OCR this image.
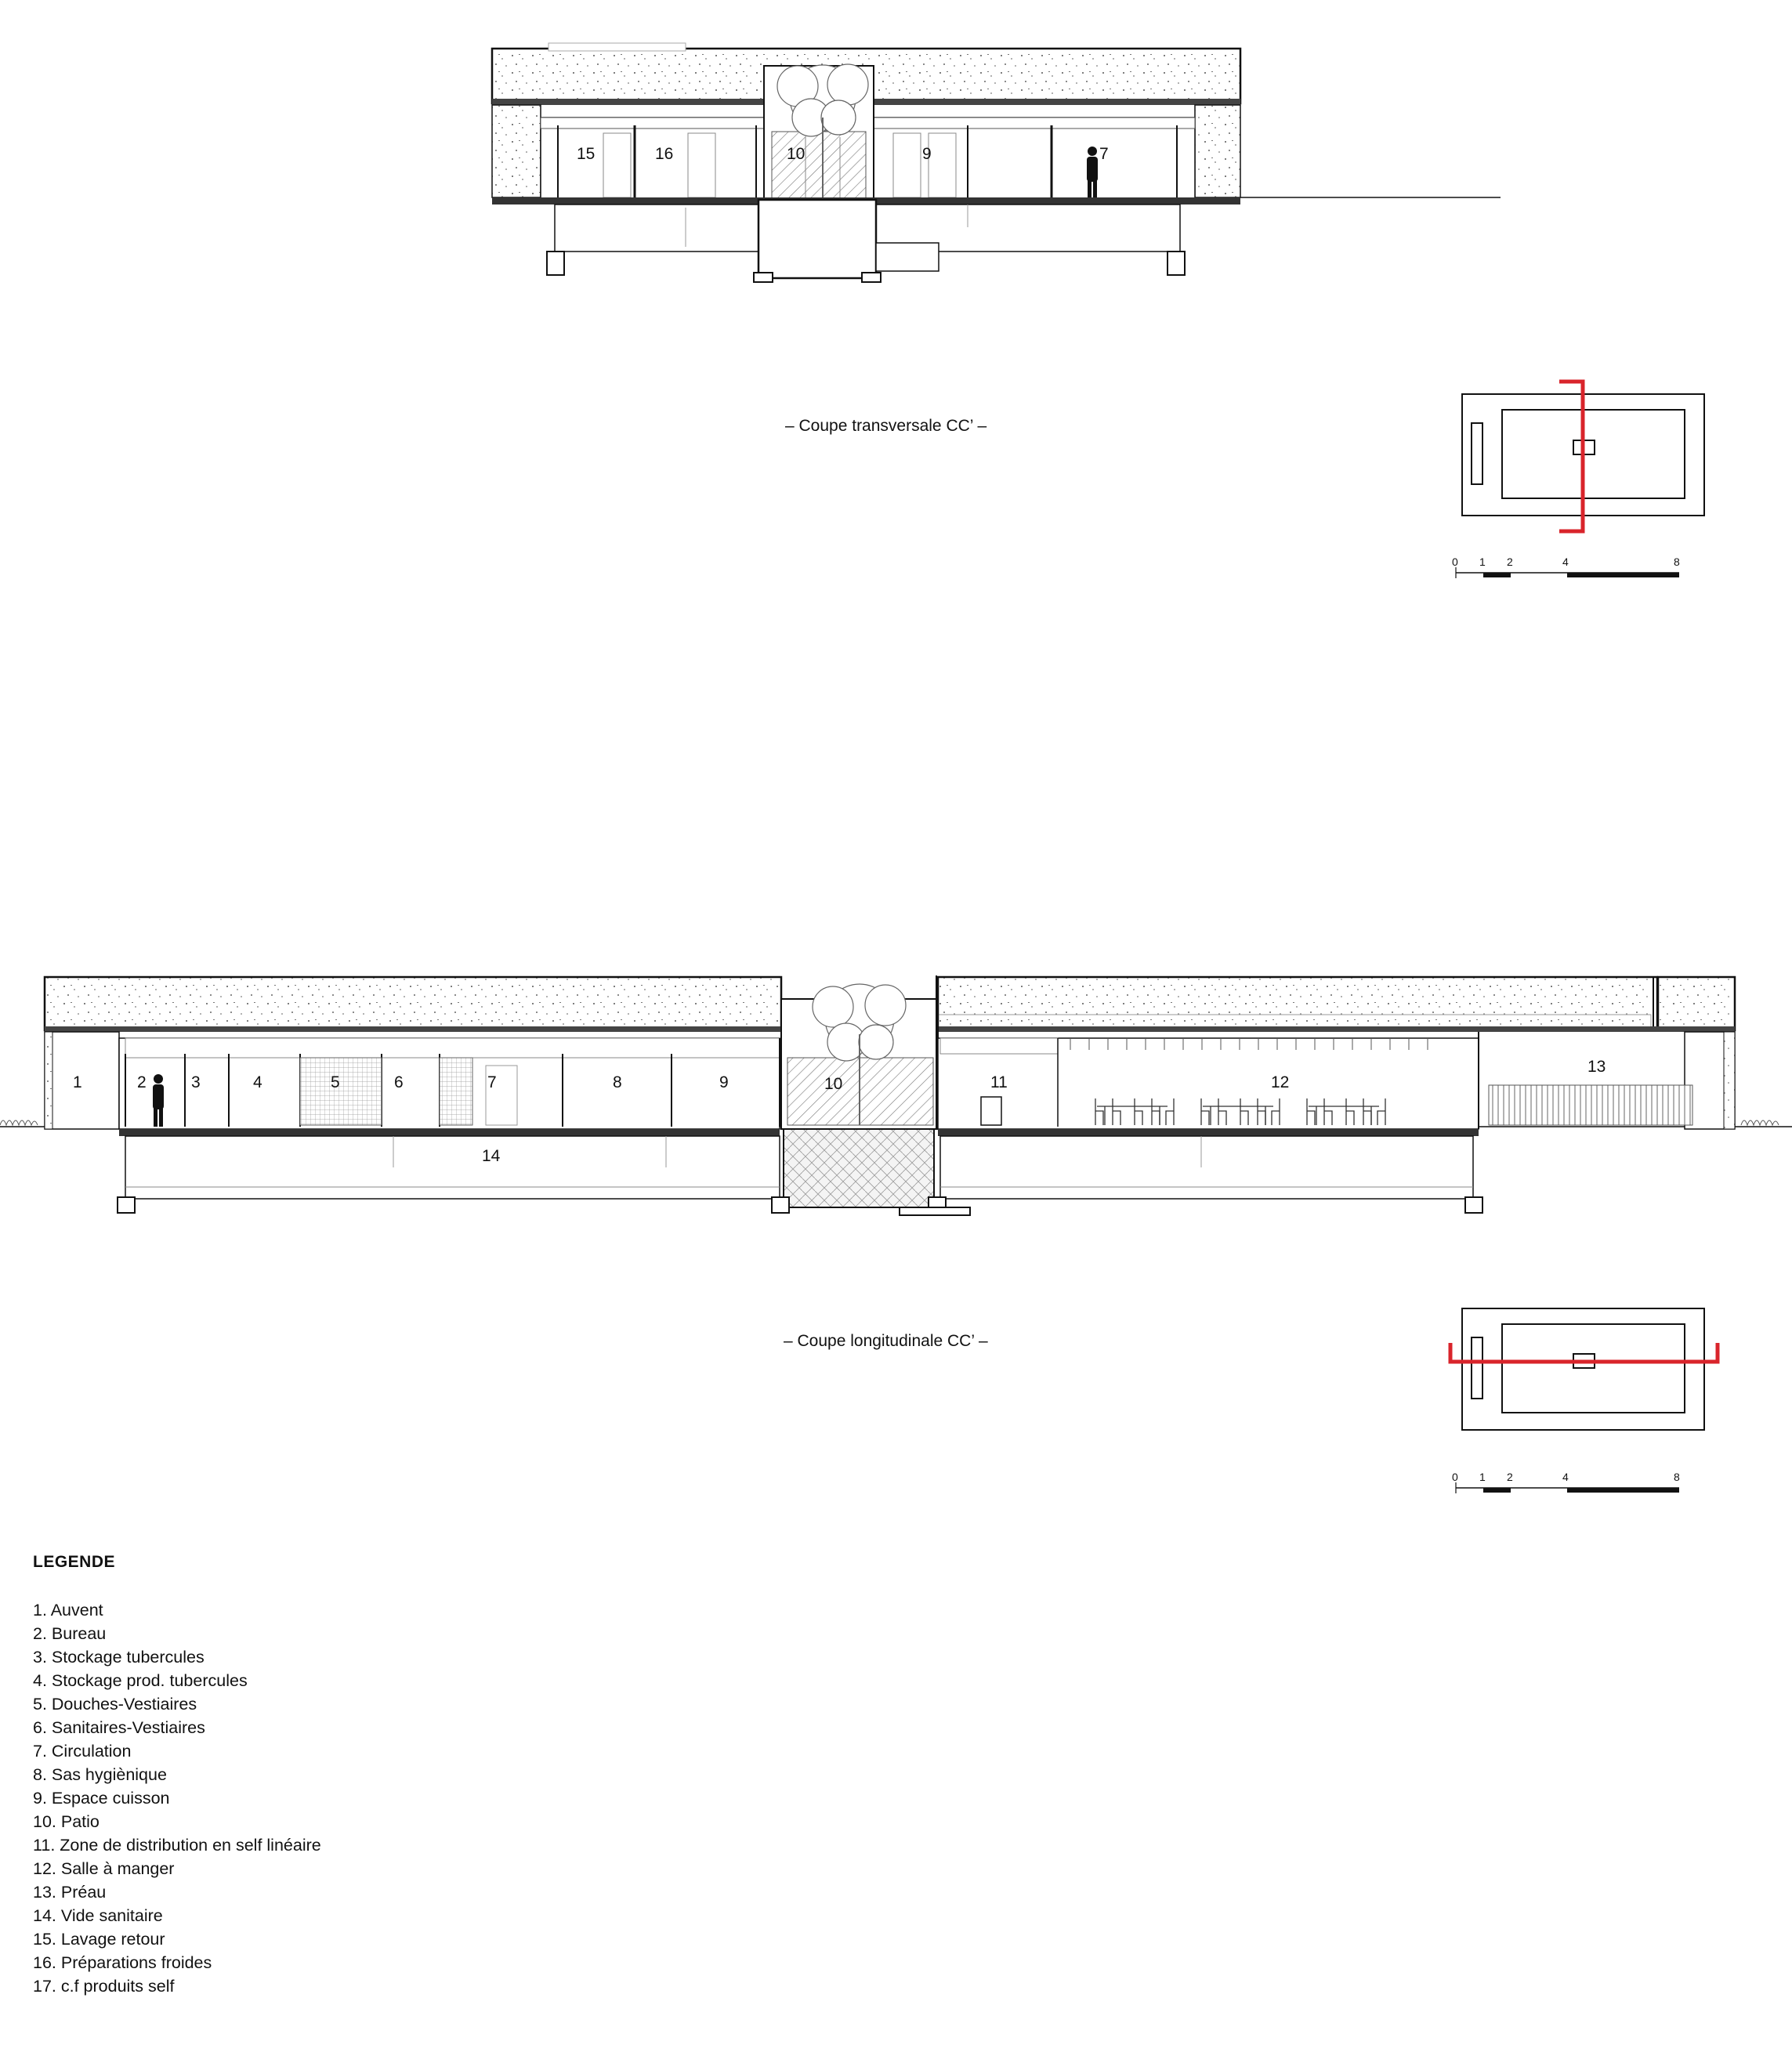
15	16	10	9	7
0 1 2	4	8
1	2	3	4	5	6	7	8	9	10	11	12
13
14
0 1 2	4	8
– Coupe transversale CC’ –
– Coupe longitudinale CC’ –
LEGENDE
1. Auvent
2. Bureau
3. Stockage tubercules
4. Stockage prod. tubercules
5. Douches-Vestiaires
6. Sanitaires-Vestiaires
7. Circulation
8. Sas hygiènique
9. Espace cuisson
10. Patio
11. Zone de distribution en self linéaire
12. Salle à manger
13. Préau
14. Vide sanitaire
15. Lavage retour
16. Préparations froides
17. c.f produits self
